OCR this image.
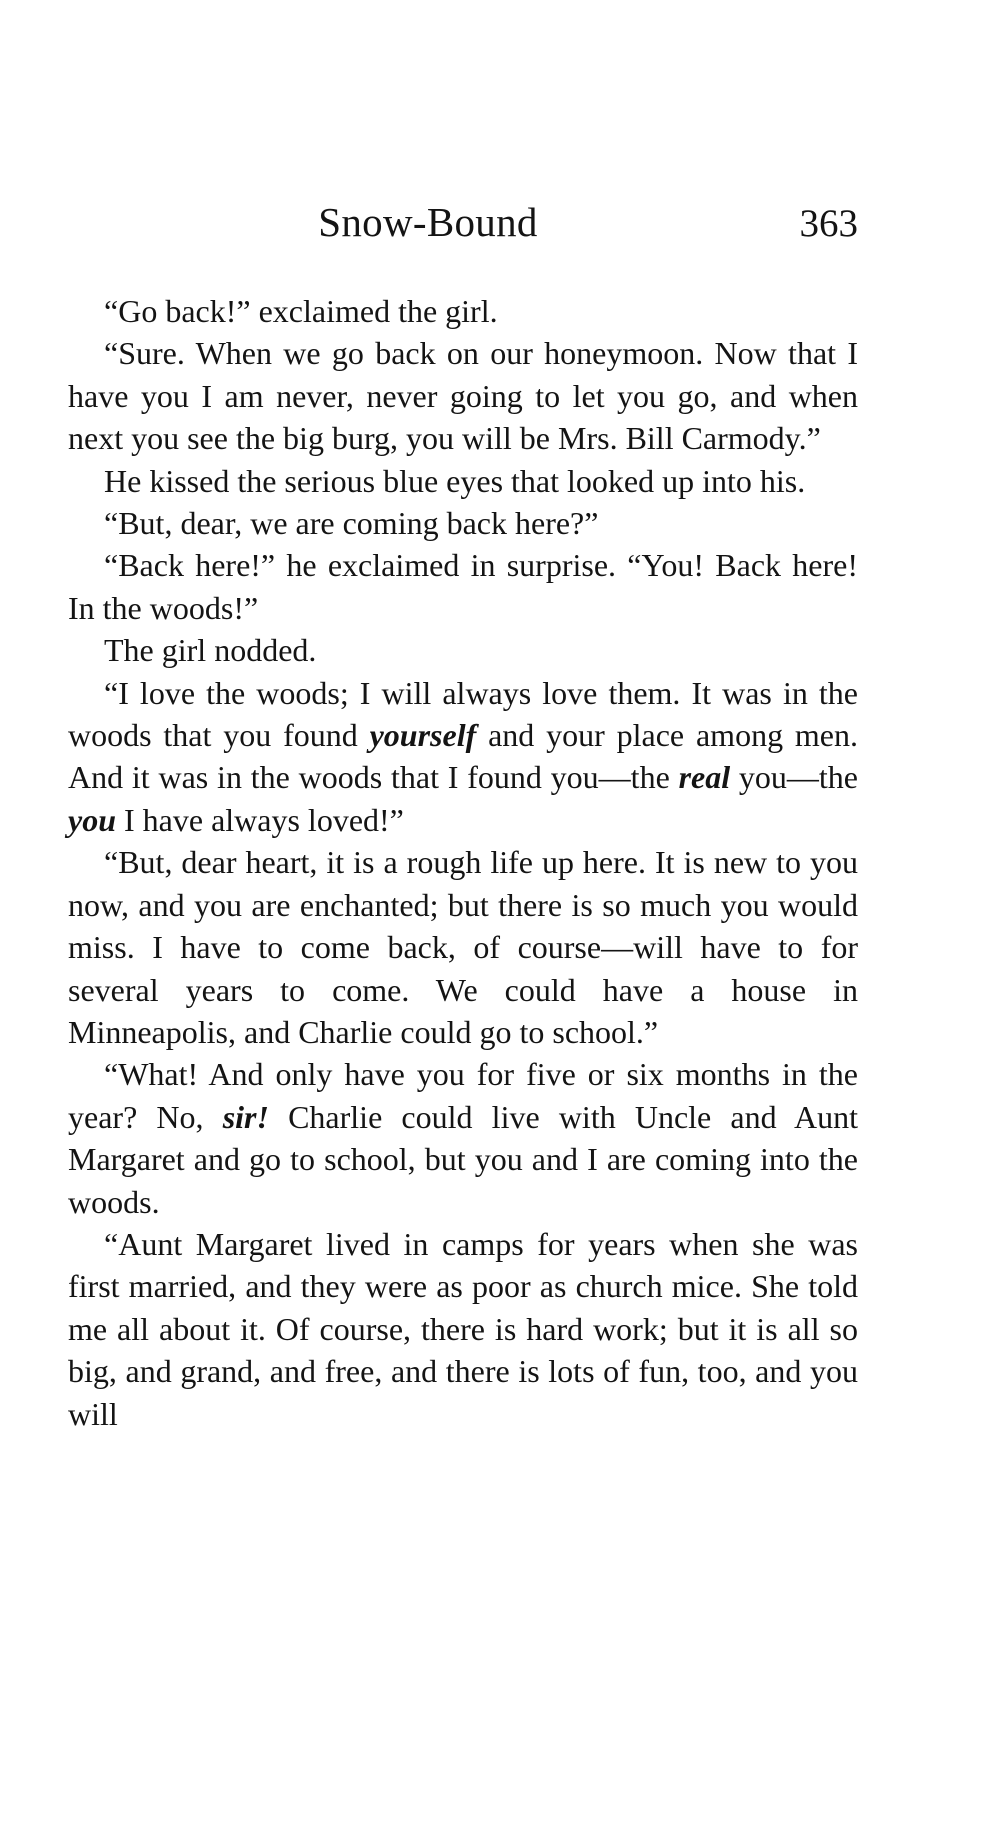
Snow-Bound	363

“Go back!” exclaimed the girl.

“Sure. When we go back on our honeymoon. Now that I have you I am never, never going to let you go, and when next you see the big burg, you will be Mrs. Bill Carmody.”

He kissed the serious blue eyes that looked up into his.

“But, dear, we are coming back here?”

“Back here!” he exclaimed in surprise. “You! Back here! In the woods!”

The girl nodded.

“I love the woods; I will always love them. It was in the woods that you found yourself and your place among men. And it was in the woods that I found you—the real you—the you I have always loved!”

“But, dear heart, it is a rough life up here. It is new to you now, and you are enchanted; but there is so much you would miss. I have to come back, of course—will have to for several years to come. We could have a house in Minneapolis, and Charlie could go to school.”

“What! And only have you for five or six months in the year? No, sir! Charlie could live with Uncle and Aunt Margaret and go to school, but you and I are coming into the woods.

“Aunt Margaret lived in camps for years when she was first married, and they were as poor as church mice. She told me all about it. Of course, there is hard work; but it is all so big, and grand, and free, and there is lots of fun, too, and you will
